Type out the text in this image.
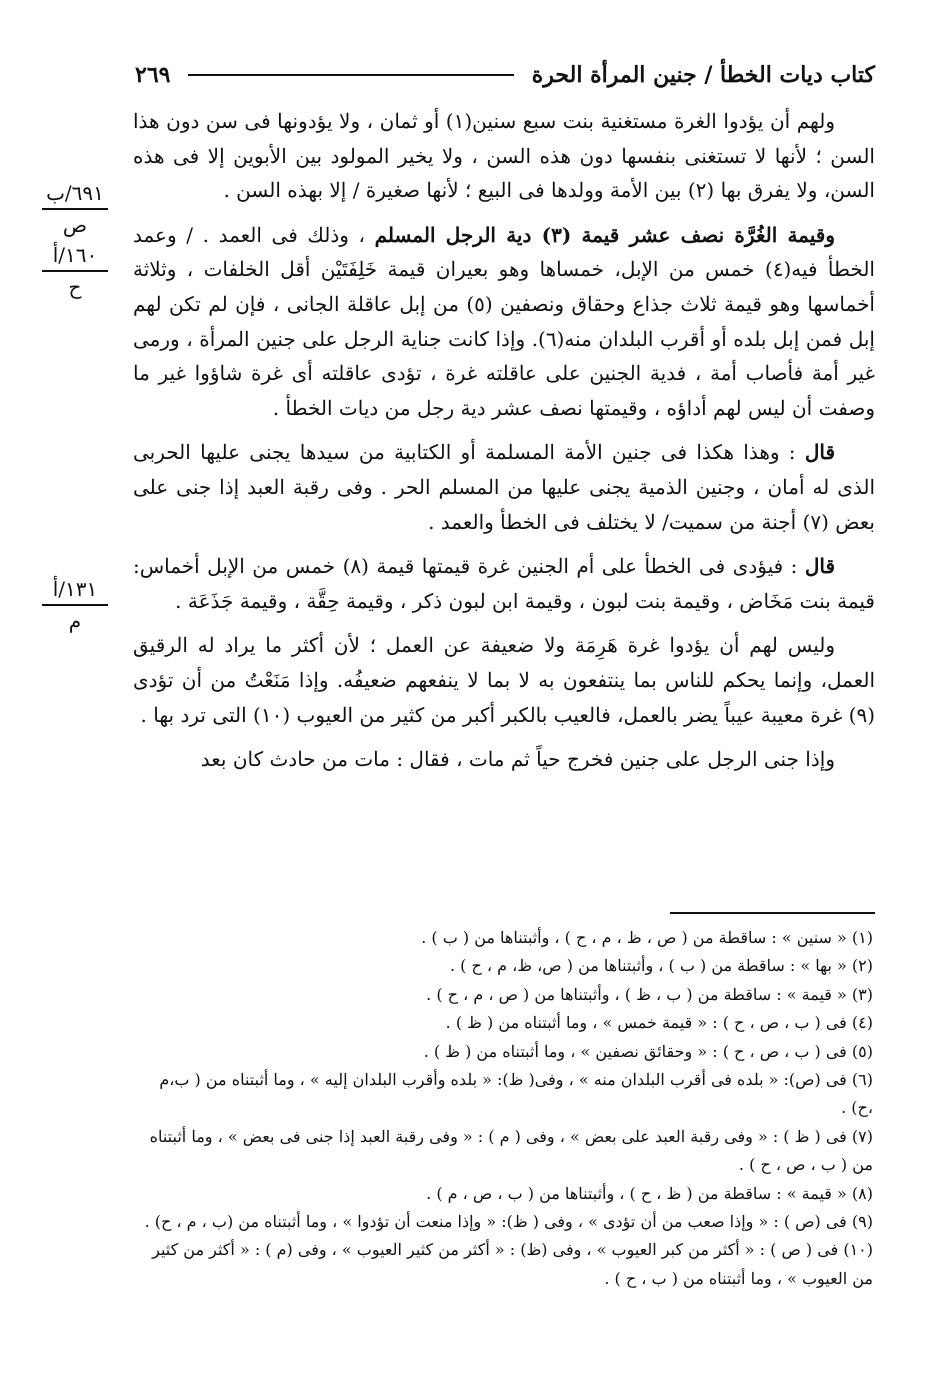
كتاب ديات الخطأ / جنين المرأة الحرة
٢٦٩
٦٩١/ب
ص
١٦٠/أ
ح
١٣١/أ
م

ولهم أن يؤدوا الغرة مستغنية بنت سبع سنين(١) أو ثمان ، ولا يؤدونها فى سن دون هذا السن ؛ لأنها لا تستغنى بنفسها دون هذه السن ، ولا يخير المولود بين الأبوين إلا فى هذه السن، ولا يفرق بها (٢) بين الأمة وولدها فى البيع ؛ لأنها صغيرة / إلا بهذه السن .

وقيمة الغُرَّة نصف عشر قيمة (٣) دية الرجل المسلم ، وذلك فى العمد . / وعمد الخطأ فيه(٤) خمس من الإبل، خمساها وهو بعيران قيمة خَلِفَتَيْن أقل الخلفات ، وثلاثة أخماسها وهو قيمة ثلاث جذاع وحقاق ونصفين (٥) من إبل عاقلة الجانى ، فإن لم تكن لهم إبل فمن إبل بلده أو أقرب البلدان منه(٦). وإذا كانت جناية الرجل على جنين المرأة ، ورمى غير أمة فأصاب أمة ، فدية الجنين على عاقلته غرة ، تؤدى عاقلته أى غرة شاؤوا غير ما وصفت أن ليس لهم أداؤه ، وقيمتها نصف عشر دية رجل من ديات الخطأ .

قال : وهذا هكذا فى جنين الأمة المسلمة أو الكتابية من سيدها يجنى عليها الحربى الذى له أمان ، وجنين الذمية يجنى عليها من المسلم الحر . وفى رقبة العبد إذا جنى على بعض (٧) أجنة من سميت/ لا يختلف فى الخطأ والعمد .

قال : فيؤدى فى الخطأ على أم الجنين غرة قيمتها قيمة (٨) خمس من الإبل أخماس: قيمة بنت مَخَاض ، وقيمة بنت لبون ، وقيمة ابن لبون ذكر ، وقيمة حِقَّة ، وقيمة جَذَعَة .

وليس لهم أن يؤدوا غرة هَرِمَة ولا ضعيفة عن العمل ؛ لأن أكثر ما يراد له الرقيق العمل، وإنما يحكم للناس بما ينتفعون به لا بما لا ينفعهم ضعيفُه. وإذا مَنَعْتُ من أن تؤدى (٩) غرة معيبة عيباً يضر بالعمل، فالعيب بالكبر أكبر من كثير من العيوب (١٠) التى ترد بها .

وإذا جنى الرجل على جنين فخرج حياً ثم مات ، فقال : مات من حادث كان بعد

(١) « سنين » : ساقطة من ( ص ، ظ ، م ، ح ) ، وأثبتناها من ( ب ) .

(٢) « بها » : ساقطة من ( ب ) ، وأثبتناها من ( ص، ظ، م ، ح ) .

(٣) « قيمة » : ساقطة من ( ب ، ظ ) ، وأثبتناها من ( ص ، م ، ح ) .

(٤) فى ( ب ، ص ، ح ) : « قيمة خمس » ، وما أثبتناه من ( ظ ) .

(٥) فى ( ب ، ص ، ح ) : « وحقائق نصفين » ، وما أثبتناه من ( ظ ) .

(٦) فى (ص): « بلده فى أقرب البلدان منه » ، وفى( ظ): « بلده وأقرب البلدان إليه » ، وما أثبتناه من ( ب،م ،ح) .

(٧) فى ( ظ ) : « وفى رقبة العبد على بعض » ، وفى ( م ) : « وفى رقبة العبد إذا جنى فى بعض » ، وما أثبتناه من ( ب ، ص ، ح ) .

(٨) « قيمة » : ساقطة من ( ظ ، ح ) ، وأثبتناها من ( ب ، ص ، م ) .

(٩) فى (ص ) : « وإذا صعب من أن تؤدى » ، وفى ( ظ): « وإذا منعت أن تؤدوا » ، وما أثبتناه من (ب ، م ، ح) .

(١٠) فى ( ص ) : « أكثر من كبر العيوب » ، وفى (ظ) : « أكثر من كثير العيوب » ، وفى (م ) : « أكثر من كثير من العيوب » ، وما أثبتناه من ( ب ، ح ) .
